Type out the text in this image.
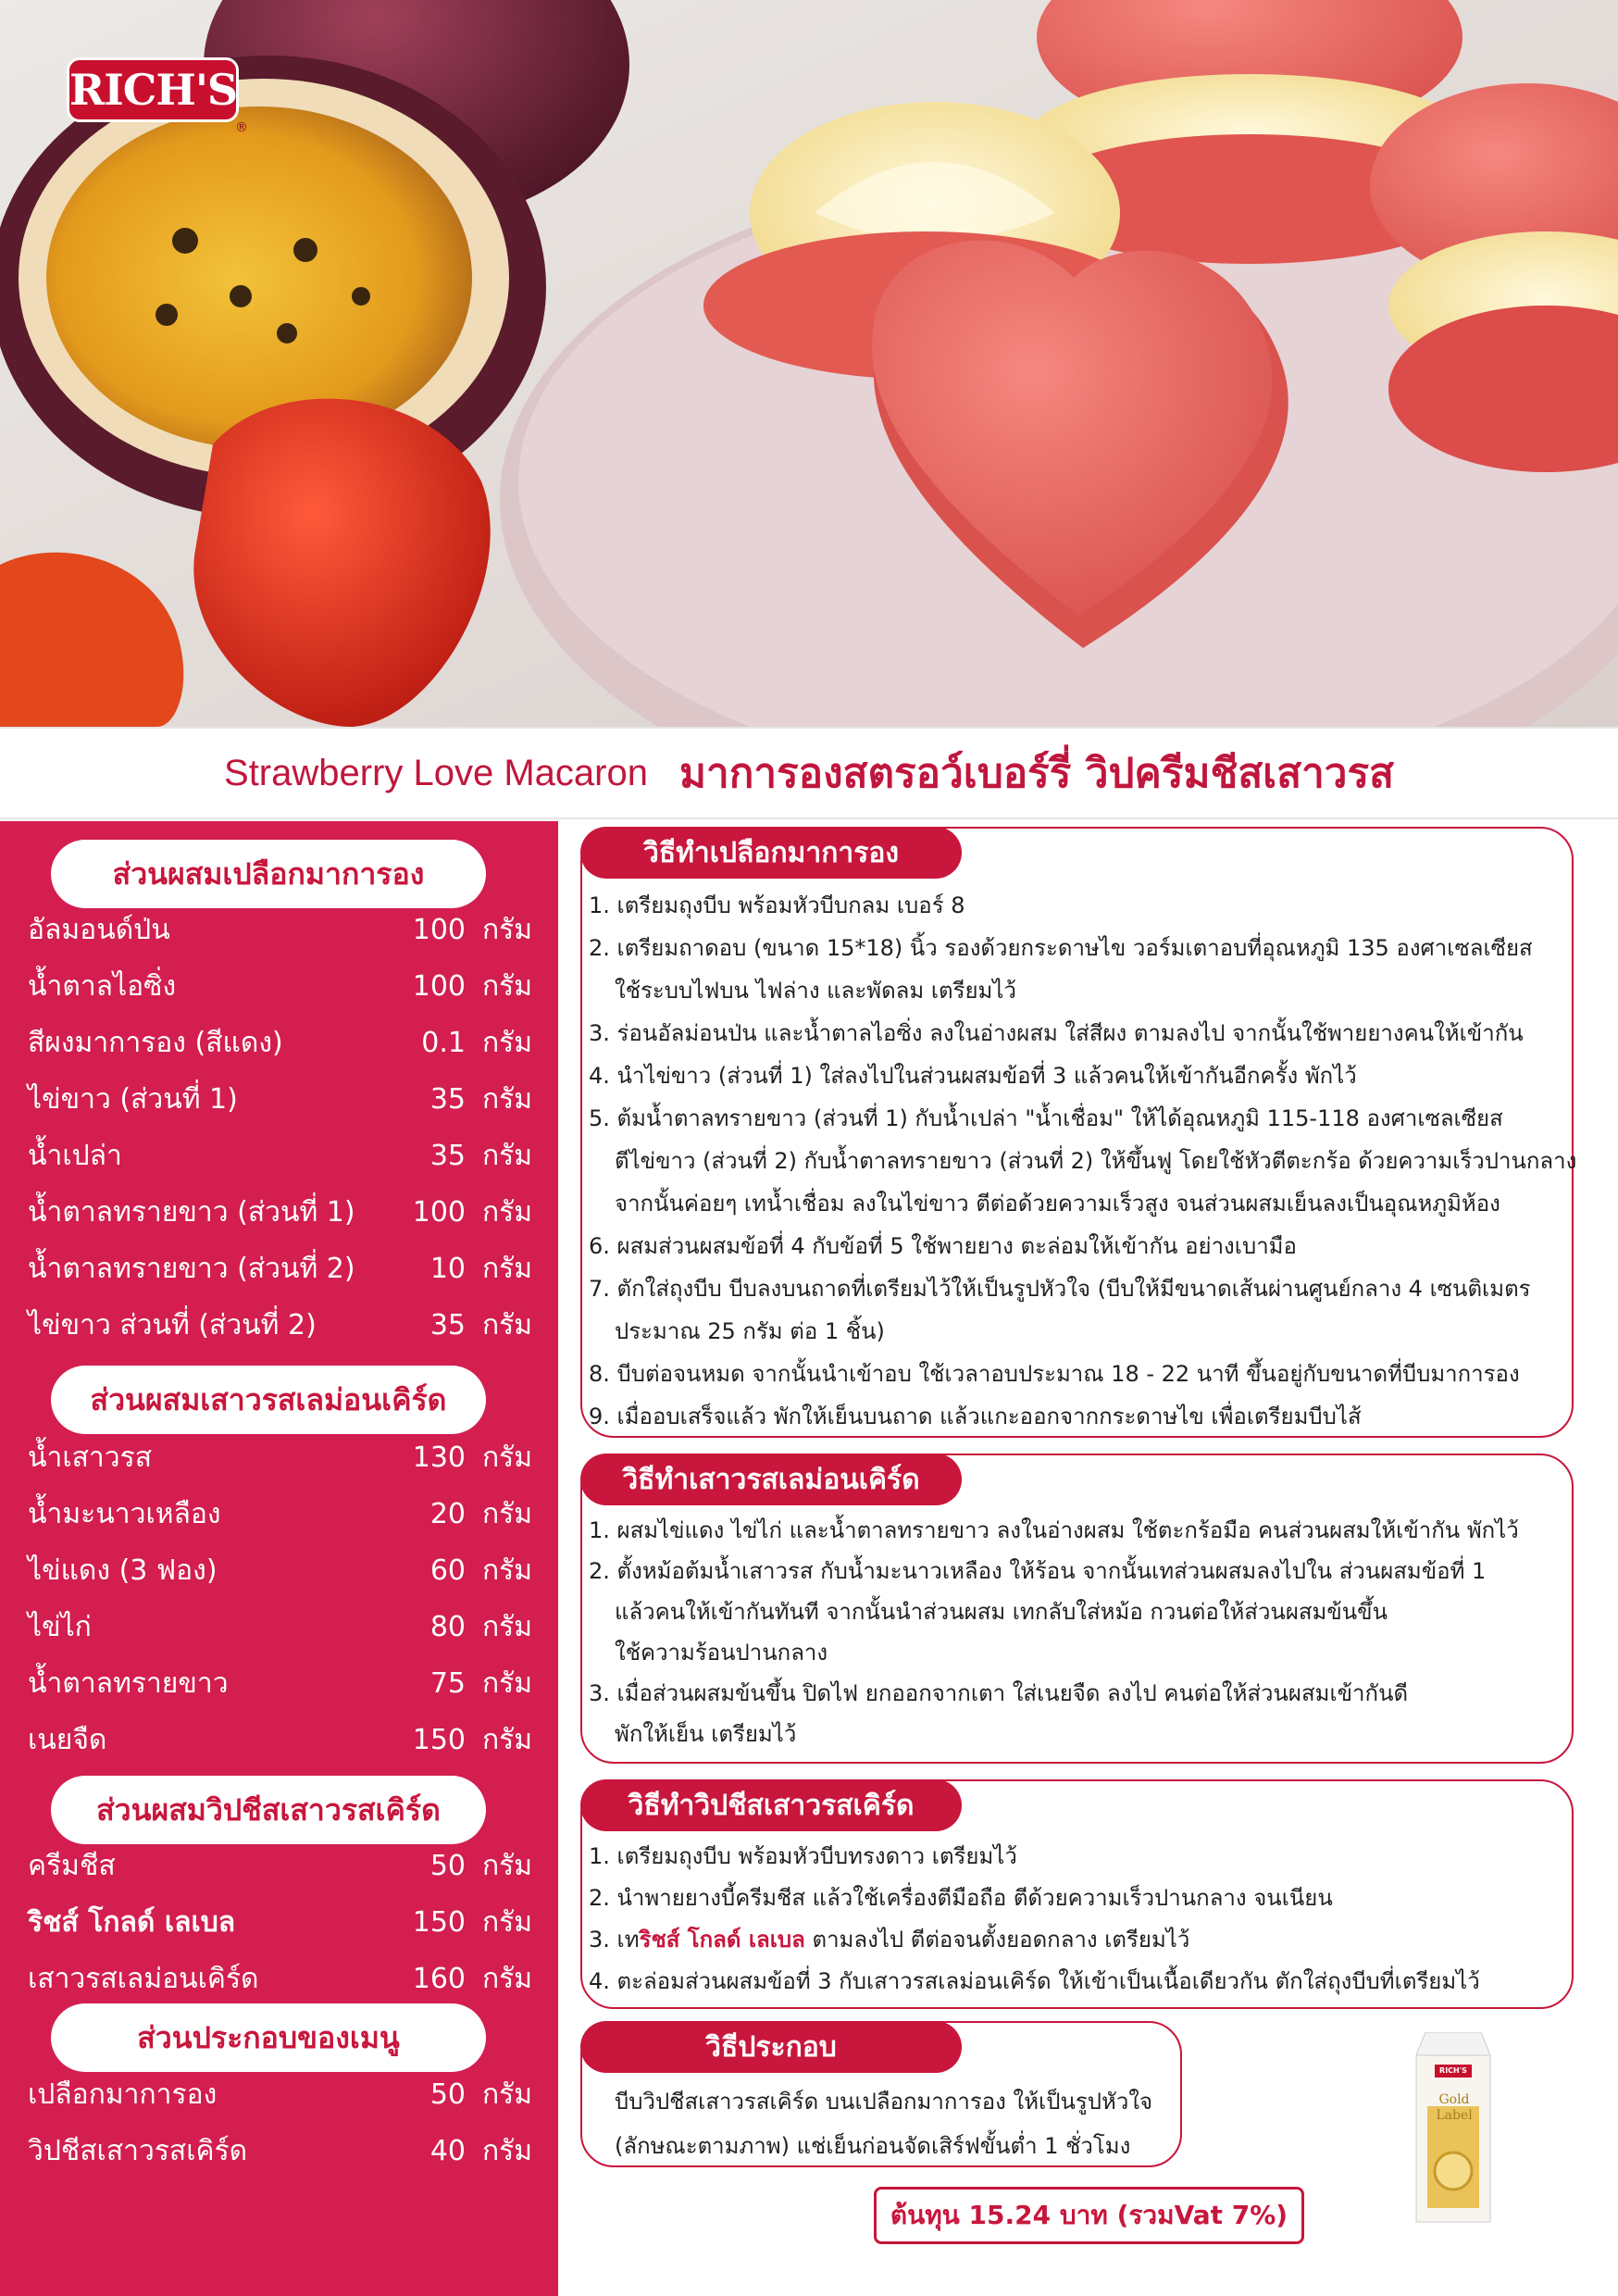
RICH'S
®
Strawberry Love Macaron มาการองสตรอว์เบอร์รี่ วิปครีมชีสเสาวรส
ส่วนผสมเปลือกมาการอง
อัลมอนด์ป่น	100 กรัม
น้ำตาลไอซิ่ง	100 กรัม
สีผงมาการอง (สีแดง)	0.1 กรัม
ไข่ขาว (ส่วนที่ 1)	35 กรัม
น้ำเปล่า	35 กรัม
น้ำตาลทรายขาว (ส่วนที่ 1) 100 กรัม
น้ำตาลทรายขาว (ส่วนที่ 2)	10 กรัม
ไข่ขาว ส่วนที่ (ส่วนที่ 2)	35 กรัม
ส่วนผสมเสาวรสเลม่อนเคิร์ด
น้ำเสาวรส	130 กรัม
น้ำมะนาวเหลือง	20 กรัม
ไข่แดง (3 ฟอง)	60 กรัม
ไข่ไก่	80 กรัม
น้ำตาลทรายขาว	75 กรัม
เนยจืด	150 กรัม
ส่วนผสมวิปชีสเสาวรสเคิร์ด
ครีมชีส	50 กรัม
ริชส์ โกลด์ เลเบล	150 กรัม
เสาวรสเลม่อนเคิร์ด	160 กรัม
ส่วนประกอบของเมนู
เปลือกมาการอง	50 กรัม
วิปชีสเสาวรสเคิร์ด	40 กรัม
วิธีทำเปลือกมาการอง
1. เตรียมถุงบีบ พร้อมหัวบีบกลม เบอร์ 8
2. เตรียมถาดอบ (ขนาด 15*18) นิ้ว รองด้วยกระดาษไข วอร์มเตาอบที่อุณหภูมิ 135 องศาเซลเซียส
ใช้ระบบไฟบน ไฟล่าง และพัดลม เตรียมไว้
3. ร่อนอัลม่อนป่น และน้ำตาลไอซิ่ง ลงในอ่างผสม ใส่สีผง ตามลงไป จากนั้นใช้พายยางคนให้เข้ากัน
4. นำไข่ขาว (ส่วนที่ 1) ใส่ลงไปในส่วนผสมข้อที่ 3 แล้วคนให้เข้ากันอีกครั้ง พักไว้
5. ต้มน้ำตาลทรายขาว (ส่วนที่ 1) กับน้ำเปล่า "น้ำเชื่อม" ให้ได้อุณหภูมิ 115-118 องศาเซลเซียส
ตีไข่ขาว (ส่วนที่ 2) กับน้ำตาลทรายขาว (ส่วนที่ 2) ให้ขึ้นฟู โดยใช้หัวตีตะกร้อ ด้วยความเร็วปานกลาง
จากนั้นค่อยๆ เทน้ำเชื่อม ลงในไข่ขาว ตีต่อด้วยความเร็วสูง จนส่วนผสมเย็นลงเป็นอุณหภูมิห้อง
6. ผสมส่วนผสมข้อที่ 4 กับข้อที่ 5 ใช้พายยาง ตะล่อมให้เข้ากัน อย่างเบามือ
7. ตักใส่ถุงบีบ บีบลงบนถาดที่เตรียมไว้ให้เป็นรูปหัวใจ (บีบให้มีขนาดเส้นผ่านศูนย์กลาง 4 เซนติเมตร
ประมาณ 25 กรัม ต่อ 1 ชิ้น)
8. บีบต่อจนหมด จากนั้นนำเข้าอบ ใช้เวลาอบประมาณ 18 - 22 นาที ขึ้นอยู่กับขนาดที่บีบมาการอง
9. เมื่ออบเสร็จแล้ว พักให้เย็นบนถาด แล้วแกะออกจากกระดาษไข เพื่อเตรียมบีบไส้
วิธีทำเสาวรสเลม่อนเคิร์ด
1. ผสมไข่แดง ไข่ไก่ และน้ำตาลทรายขาว ลงในอ่างผสม ใช้ตะกร้อมือ คนส่วนผสมให้เข้ากัน พักไว้
2. ตั้งหม้อต้มน้ำเสาวรส กับน้ำมะนาวเหลือง ให้ร้อน จากนั้นเทส่วนผสมลงไปใน ส่วนผสมข้อที่ 1
แล้วคนให้เข้ากันทันที จากนั้นนำส่วนผสม เทกลับใส่หม้อ กวนต่อให้ส่วนผสมข้นขึ้น
ใช้ความร้อนปานกลาง
3. เมื่อส่วนผสมข้นขึ้น ปิดไฟ ยกออกจากเตา ใส่เนยจืด ลงไป คนต่อให้ส่วนผสมเข้ากันดี
พักให้เย็น เตรียมไว้
วิธีทำวิปชีสเสาวรสเคิร์ด
1. เตรียมถุงบีบ พร้อมหัวบีบทรงดาว เตรียมไว้
2. นำพายยางบี้ครีมชีส แล้วใช้เครื่องตีมือถือ ตีด้วยความเร็วปานกลาง จนเนียน
4. ตะล่อมส่วนผสมข้อที่ 3 กับเสาวรสเลม่อนเคิร์ด ให้เข้าเป็นเนื้อเดียวกัน ตักใส่ถุงบีบที่เตรียมไว้
3. เทริชส์ โกลด์ เลเบล ตามลงไป ตีต่อจนตั้งยอดกลาง เตรียมไว้
วิธีประกอบ
บีบวิปชีสเสาวรสเคิร์ด บนเปลือกมาการอง ให้เป็นรูปหัวใจ
(ลักษณะตามภาพ) แช่เย็นก่อนจัดเสิร์ฟขั้นต่ำ 1 ชั่วโมง
RICH'S
Gold
Label
ต้นทุน 15.24 บาท (รวมVat 7%)
